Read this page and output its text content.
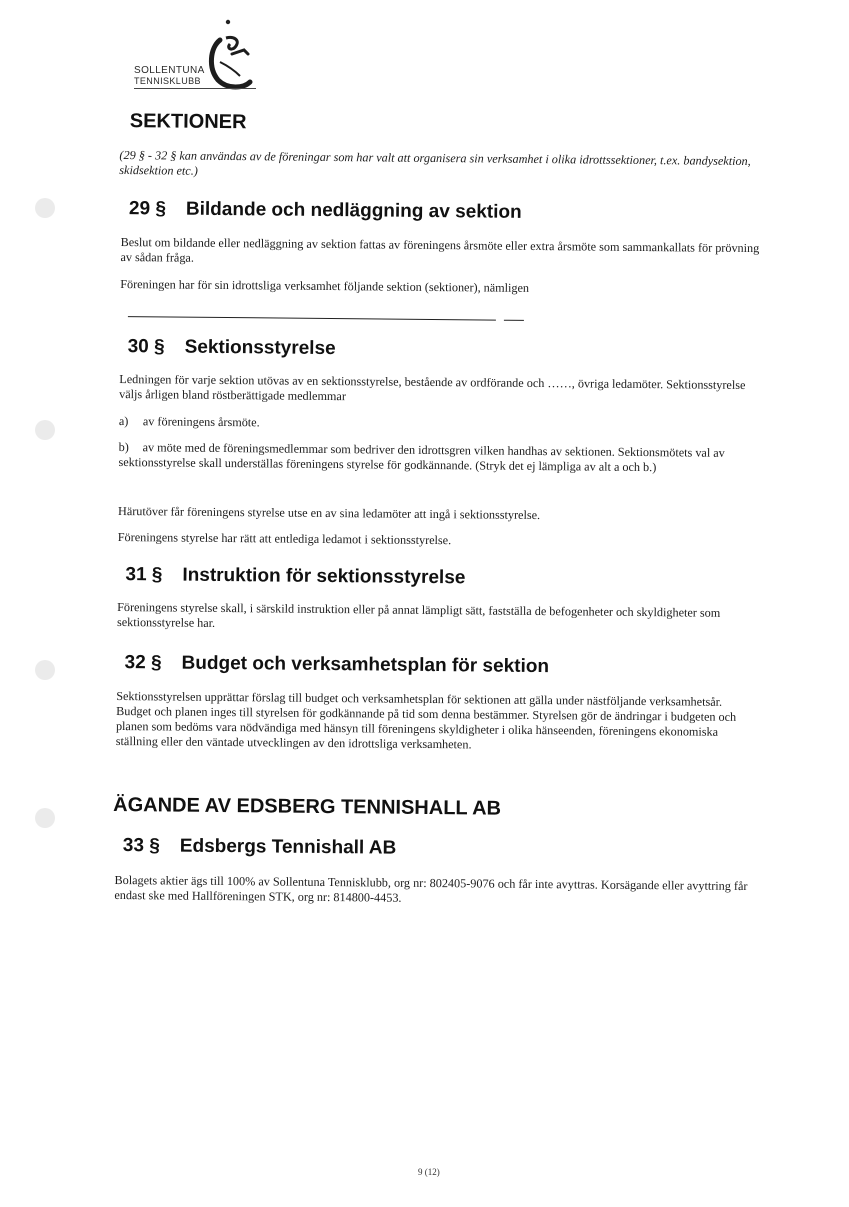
SOLLENTUNA
TENNISKLUBB
SEKTIONER

(29 § - 32 § kan användas av de föreningar som har valt att organisera sin verksamhet i olika idrottssektioner, t.ex. bandysektion, skidsektion etc.)

29 § Bildande och nedläggning av sektion

Beslut om bildande eller nedläggning av sektion fattas av föreningens årsmöte eller extra årsmöte som sammankallats för prövning av sådan fråga.

Föreningen har för sin idrottsliga verksamhet följande sektion (sektioner), nämligen

30 § Sektionsstyrelse

Ledningen för varje sektion utövas av en sektionsstyrelse, bestående av ordförande och ……, övriga ledamöter. Sektionsstyrelse väljs årligen bland röstberättigade medlemmar

a) av föreningens årsmöte.

b) av möte med de föreningsmedlemmar som bedriver den idrottsgren vilken handhas av sektionen. Sektionsmötets val av sektionsstyrelse skall underställas föreningens styrelse för godkännande. (Stryk det ej lämpliga av alt a och b.)

Härutöver får föreningens styrelse utse en av sina ledamöter att ingå i sektionsstyrelse.

Föreningens styrelse har rätt att entlediga ledamot i sektionsstyrelse.

31 § Instruktion för sektionsstyrelse

Föreningens styrelse skall, i särskild instruktion eller på annat lämpligt sätt, fastställa de befogenheter och skyldigheter som sektionsstyrelse har.

32 § Budget och verksamhetsplan för sektion

Sektionsstyrelsen upprättar förslag till budget och verksamhetsplan för sektionen att gälla under nästföljande verksamhetsår. Budget och planen inges till styrelsen för godkännande på tid som denna bestämmer. Styrelsen gör de ändringar i budgeten och planen som bedöms vara nödvändiga med hänsyn till föreningens skyldigheter i olika hänseenden, föreningens ekonomiska ställning eller den väntade utvecklingen av den idrottsliga verksamheten.

ÄGANDE AV EDSBERG TENNISHALL AB
33 § Edsbergs Tennishall AB

Bolagets aktier ägs till 100% av Sollentuna Tennisklubb, org nr: 802405-9076 och får inte avyttras. Korsägande eller avyttring får endast ske med Hallföreningen STK, org nr: 814800-4453.

9 (12)
